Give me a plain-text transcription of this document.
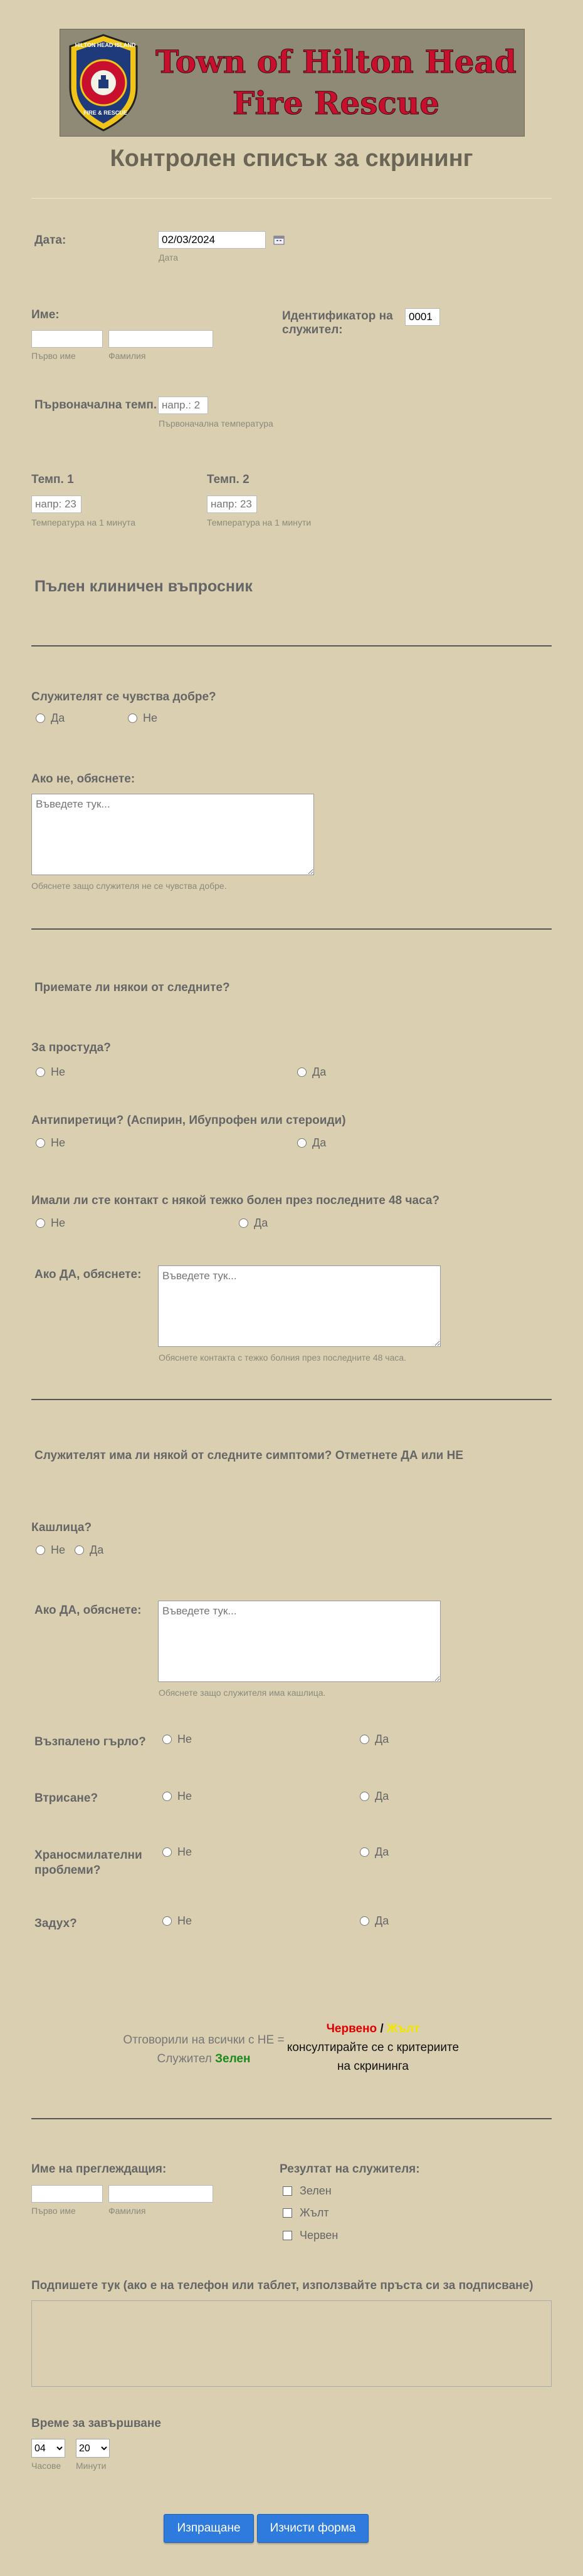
HILTON HEAD ISLAND
FIRE & RESCUE
Town of Hilton Head
Fire Rescue
Контролен списък за скрининг
Дата:
02/03/2024
Дата
Име:
Първо име	Фамилия
Идентификатор на служител:
0001
Първоначална темп.
напр.: 2
Първоначална температура
Темп. 1
напр: 23
Температура на 1 минута
Темп. 2
напр: 23
Температура на 1 минути
Пълен клиничен въпросник
Служителят се чувства добре?
Да	Не
Ако не, обяснете:
Въведете тук...
Обяснете защо служителя не се чувства добре.
Приемате ли някои от следните?
За простуда?
Не	Да
Антипиретици? (Аспирин, Ибупрофен или стероиди)
Не	Да
Имали ли сте контакт с някой тежко болен през последните 48 часа?
Не	Да
Ако ДА, обяснете:
Въведете тук...
Обяснете контакта с тежко болния през последните 48 часа.
Служителят има ли някой от следните симптоми? Отметнете ДА или НЕ
Кашлица?
Не Да
Ако ДА, обяснете:
Въведете тук...
Обяснете защо служителя има кашлица.
Възпалено гърло?	Не	Да
Втрисане?	Не	Да
Храносмилателни проблеми?
Не	Да
Задух?	Не	Да
Отговорили на всички с НЕ =
Служител Зелен
Червено / Жълт
консултирайте се с критериите
на скрининга
Име на преглеждащия:
Първо име	Фамилия
Резултат на служителя:
Зелен
Жълт
Червен
Подпишете тук (ако е на телефон или таблет, използвайте пръста си за подписване)
Време за завършване
04
20
Часове Минути
Изпращане	Изчисти форма
